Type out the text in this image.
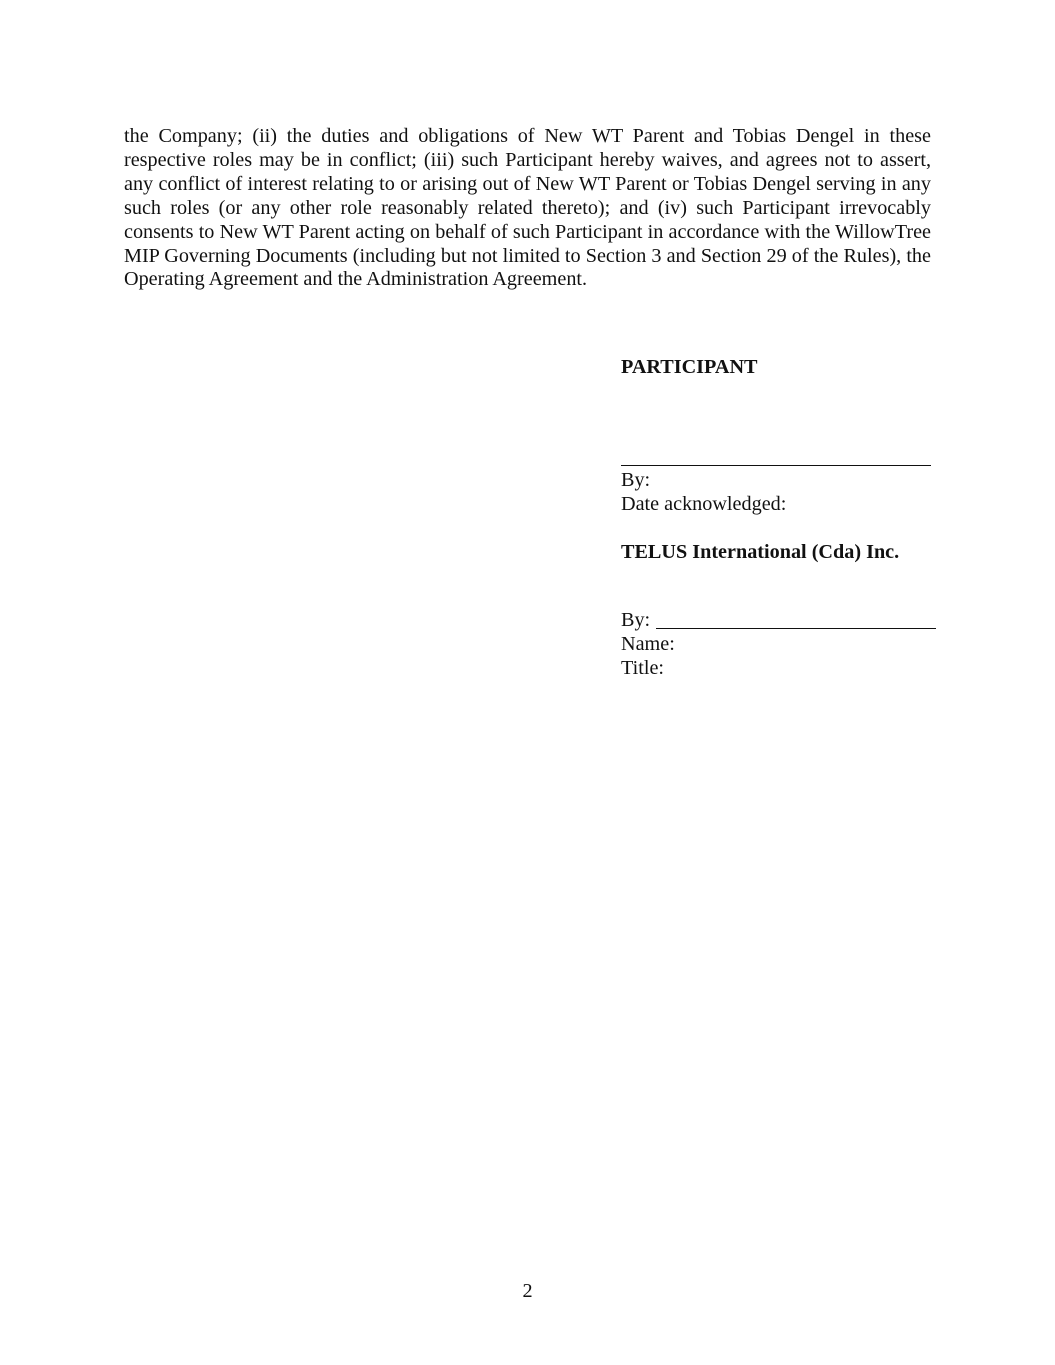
the Company; (ii) the duties and obligations of New WT Parent and Tobias Dengel in these respective roles may be in conflict; (iii) such Participant hereby waives, and agrees not to assert, any conflict of interest relating to or arising out of New WT Parent or Tobias Dengel serving in any such roles (or any other role reasonably related thereto); and (iv) such Participant irrevocably consents to New WT Parent acting on behalf of such Participant in accordance with the WillowTree MIP Governing Documents (including but not limited to Section 3 and Section 29 of the Rules), the Operating Agreement and the Administration Agreement.

PARTICIPANT
By:
Date acknowledged:
TELUS International (Cda) Inc.
By:
Name:
Title:
2
